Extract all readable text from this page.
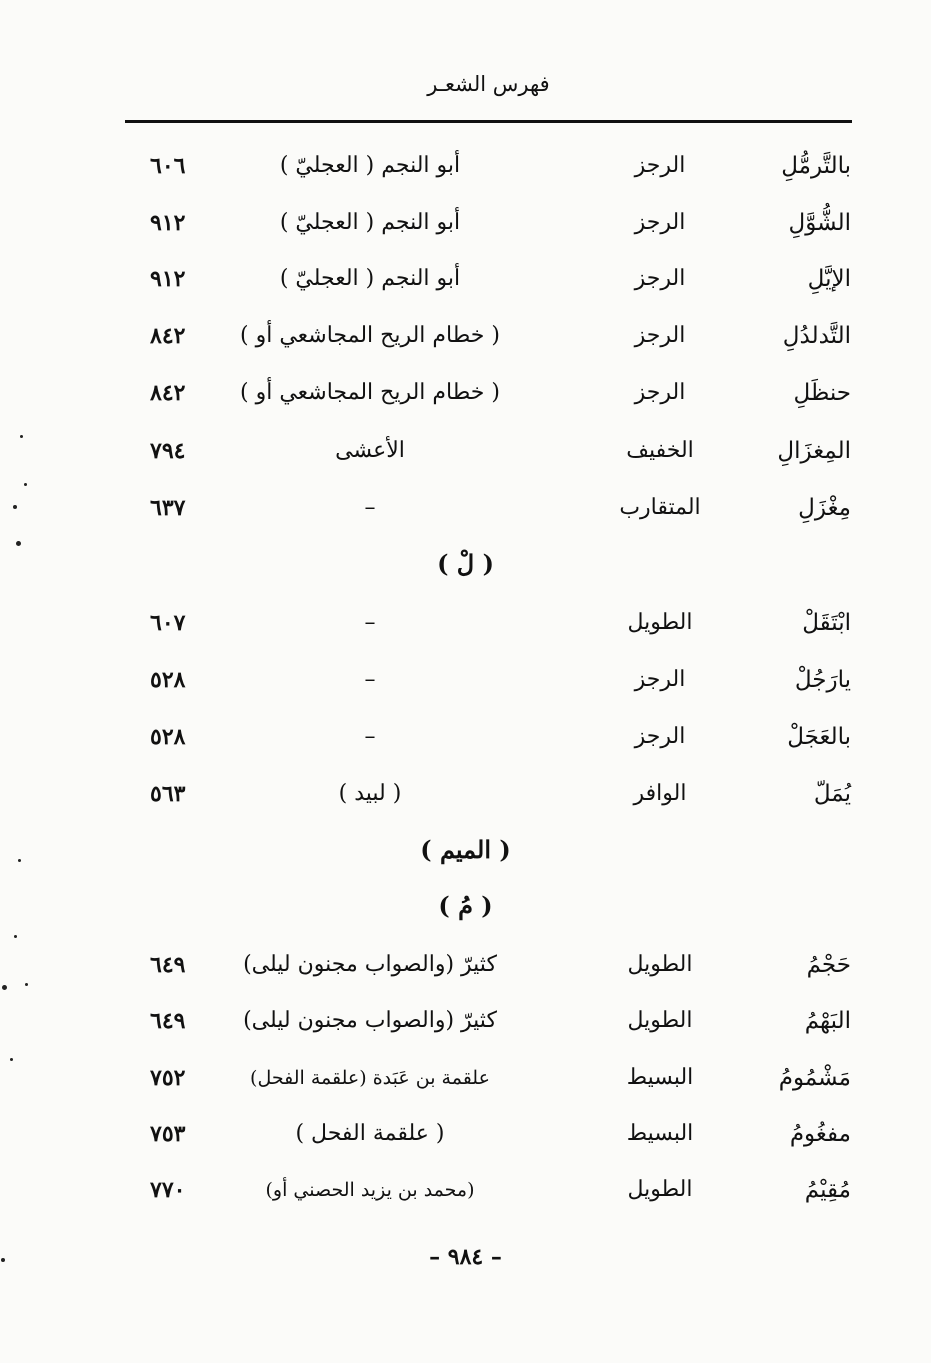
فهرس الشعـر
بالتَّرمُّلِ
الرجز
أبو النجم ( العجليّ )
٦٠٦
الشُّوَّلِ
الرجز
أبو النجم ( العجليّ )
٩١٢
الإيَّلِ
الرجز
أبو النجم ( العجليّ )
٩١٢
التَّدلدُلِ
الرجز
( خطام الريح المجاشعي أو )
٨٤٢
حنظَلِ
الرجز
( خطام الريح المجاشعي أو )
٨٤٢
المِغزَالِ
الخفيف
الأعشى
٧٩٤
مِغْزَلِ
المتقارب
–
٦٣٧
( لْ )
ابْتَقَلْ
الطويل
–
٦٠٧
يارَجُلْ
الرجز
–
٥٢٨
بالعَجَلْ
الرجز
–
٥٢٨
يُمَلّ
الوافر
( لبيد )
٥٦٣
( الميم )
( مُ )
حَجْمُ
الطويل
كثيرّ (والصواب مجنون ليلى)
٦٤٩
البَهْمُ
الطويل
كثيرّ (والصواب مجنون ليلى)
٦٤٩
مَشْمُومُ
البسيط
علقمة بن عَبَدة (علقمة الفحل)
٧٥٢
مفغُومُ
البسيط
( علقمة الفحل )
٧٥٣
مُقِيْمُ
الطويل
(محمد بن يزيد الحصني أو)
٧٧٠
– ٩٨٤ –
